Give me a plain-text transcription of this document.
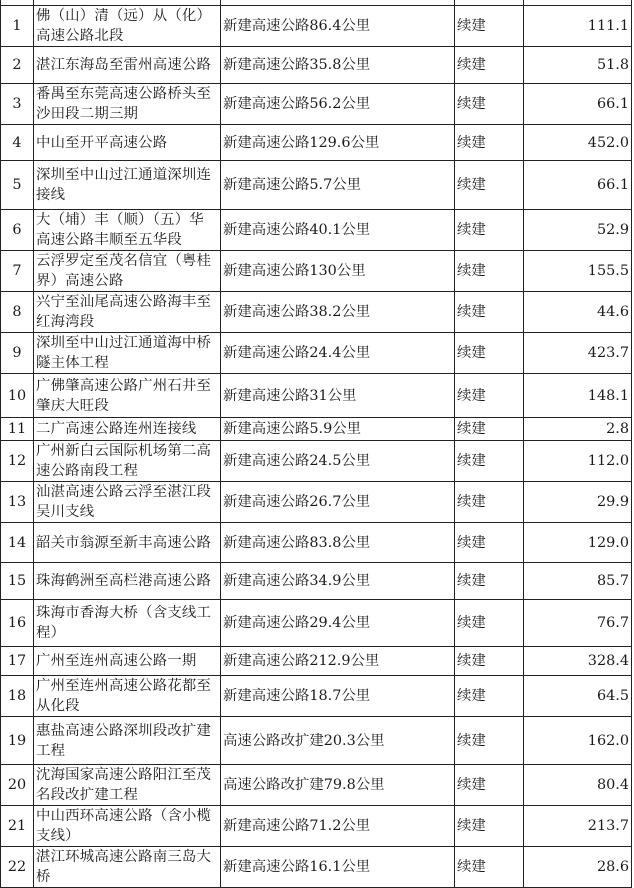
1	佛（山）清（远）从（化）高速公路北段	新建高速公路86.4公里	续建	111.1
2	湛江东海岛至雷州高速公路	新建高速公路35.8公里	续建	51.8
3	番禺至东莞高速公路桥头至沙田段二期三期	新建高速公路56.2公里	续建	66.1
4	中山至开平高速公路	新建高速公路129.6公里	续建	452.0
5	深圳至中山过江通道深圳连接线	新建高速公路5.7公里	续建	66.1
6	大（埔）丰（顺）（五）华高速公路丰顺至五华段	新建高速公路40.1公里	续建	52.9
7	云浮罗定至茂名信宜（粤桂界）高速公路	新建高速公路130公里	续建	155.5
8	兴宁至汕尾高速公路海丰至红海湾段	新建高速公路38.2公里	续建	44.6
9	深圳至中山过江通道海中桥隧主体工程	新建高速公路24.4公里	续建	423.7
10	广佛肇高速公路广州石井至肇庆大旺段	新建高速公路31公里	续建	148.1
11	二广高速公路连州连接线	新建高速公路5.9公里	续建	2.8
12	广州新白云国际机场第二高速公路南段工程	新建高速公路24.5公里	续建	112.0
13	汕湛高速公路云浮至湛江段吴川支线	新建高速公路26.7公里	续建	29.9
14	韶关市翁源至新丰高速公路	新建高速公路83.8公里	续建	129.0
15	珠海鹤洲至高栏港高速公路	新建高速公路34.9公里	续建	85.7
16	珠海市香海大桥（含支线工程）	新建高速公路29.4公里	续建	76.7
17	广州至连州高速公路一期	新建高速公路212.9公里	续建	328.4
18	广州至连州高速公路花都至从化段	新建高速公路18.7公里	续建	64.5
19	惠盐高速公路深圳段改扩建工程	高速公路改扩建20.3公里	续建	162.0
20	沈海国家高速公路阳江至茂名段改扩建工程	高速公路改扩建79.8公里	续建	80.4
21	中山西环高速公路（含小榄支线）	新建高速公路71.2公里	续建	213.7
22	湛江环城高速公路南三岛大桥	新建高速公路16.1公里	续建	28.6
